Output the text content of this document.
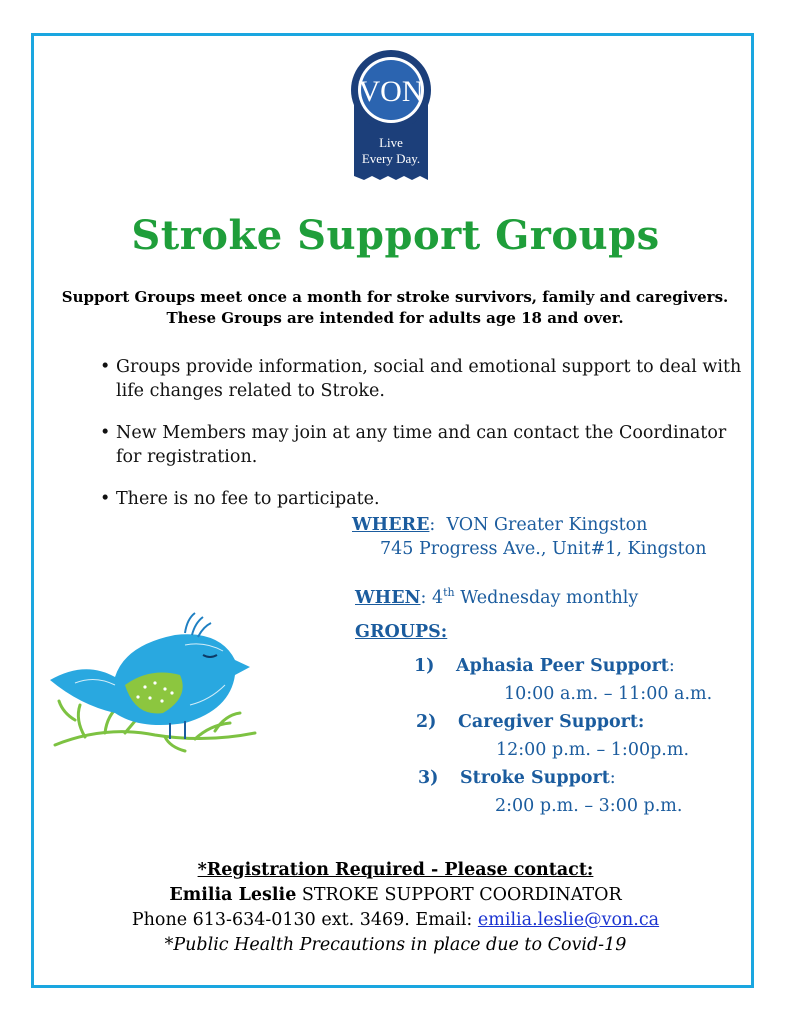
VON
Live
Every Day.
Stroke Support Groups
Support Groups meet once a month for stroke survivors, family and caregivers. These Groups are intended for adults age 18 and over.
• Groups provide information, social and emotional support to deal with life changes related to Stroke.
• New Members may join at any time and can contact the Coordinator for registration.
• There is no fee to participate.
WHERE:  VON Greater Kingston
745 Progress Ave., Unit#1, Kingston
WHEN: 4th Wednesday monthly
GROUPS:
1) Aphasia Peer Support:
10:00 a.m. – 11:00 a.m.
2) Caregiver Support:
12:00 p.m. – 1:00p.m.
3) Stroke Support:
2:00 p.m. – 3:00 p.m.
*Registration Required - Please contact:
Emilia Leslie STROKE SUPPORT COORDINATOR
Phone 613-634-0130 ext. 3469. Email: emilia.leslie@von.ca
*Public Health Precautions in place due to Covid-19
